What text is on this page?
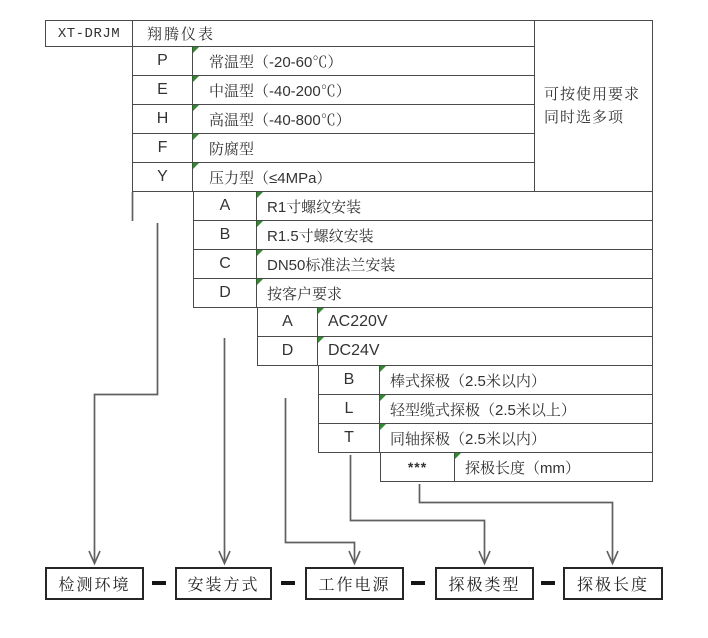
XT-DRJM	翔腾仪表
可按使用要求
同时选多项
P	常温型（-20-60℃）
E	中温型（-40-200℃）
H	高温型（-40-800℃）
F	防腐型
Y	压力型（≤4MPa）
A	R1寸螺纹安装
B	R1.5寸螺纹安装
C	DN50标准法兰安装
D	按客户要求
A	AC220V
D	DC24V
B	棒式探极（2.5米以内）
L	轻型缆式探极（2.5米以上）
T	同轴探极（2.5米以内）
***	探极长度（mm）
检测环境	安装方式	工作电源	探极类型	探极长度
